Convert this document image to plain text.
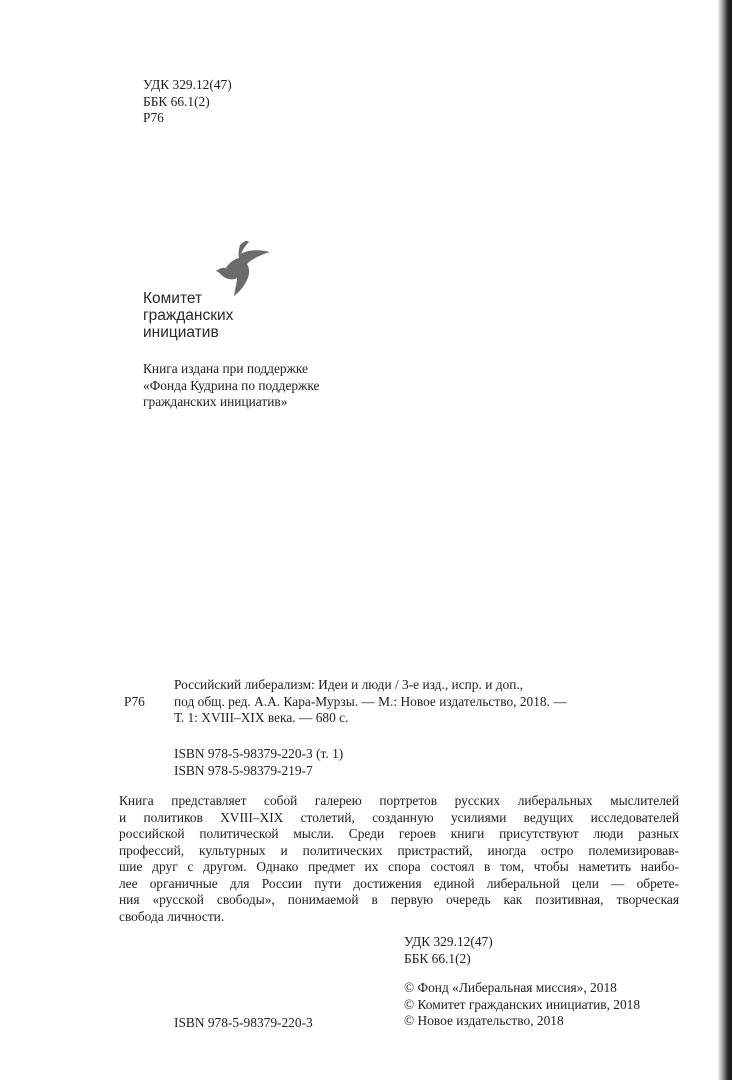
УДК 329.12(47)
ББК 66.1(2)
Р76
Комитет
гражданских
инициатив
Книга издана при поддержке
«Фонда Кудрина по поддержке
гражданских инициатив»
Р76
Российский либерализм: Идеи и люди / 3-е изд., испр. и доп.,
под общ. ред. А.А. Кара-Мурзы. — М.: Новое издательство, 2018. —
Т. 1: XVIII–XIX века. — 680 с.
ISBN 978-5-98379-220-3 (т. 1)
ISBN 978-5-98379-219-7
Книга представляет собой галерею портретов русских либеральных мыслителей
и политиков XVIII–XIX столетий, созданную усилиями ведущих исследователей
российской политической мысли. Среди героев книги присутствуют люди разных
профессий, культурных и политических пристрастий, иногда остро полемизировав-
шие друг с другом. Однако предмет их спора состоял в том, чтобы наметить наибо-
лее органичные для России пути достижения единой либеральной цели — обрете-
ния «русской свободы», понимаемой в первую очередь как позитивная, творческая
свобода личности.
УДК 329.12(47)
ББК 66.1(2)
© Фонд «Либеральная миссия», 2018
© Комитет гражданских инициатив, 2018
© Новое издательство, 2018
ISBN 978-5-98379-220-3
